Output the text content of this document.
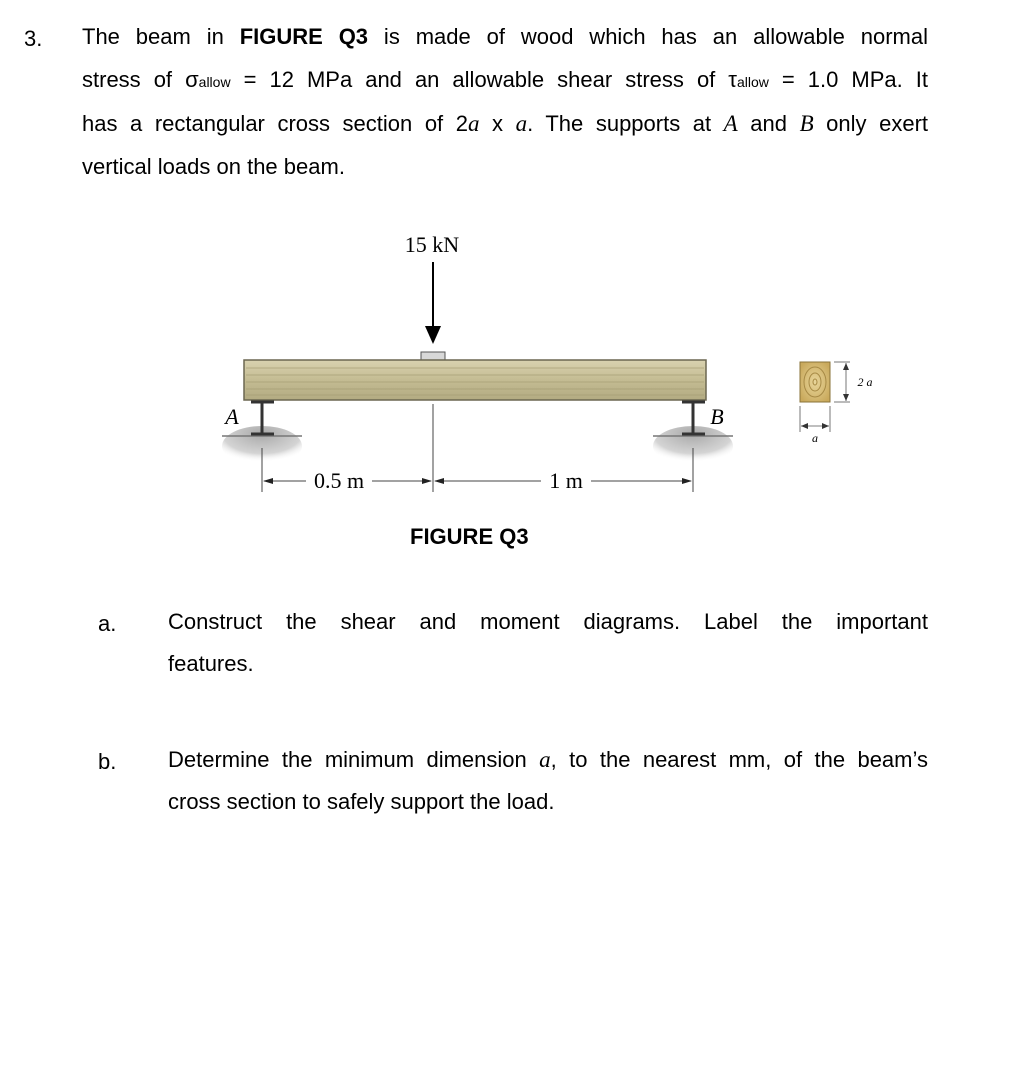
3. The beam in FIGURE Q3 is made of wood which has an allowable normal
stress of σallow = 12 MPa and an allowable shear stress of τallow = 1.0 MPa. It
has a rectangular cross section of 2a x a. The supports at A and B only exert
vertical loads on the beam.
15 kN
A	B
0.5 m	1 m
2 a
a
FIGURE Q3
a. Construct the shear and moment diagrams. Label the important
features.
b. Determine the minimum dimension a, to the nearest mm, of the beam’s
cross section to safely support the load.
